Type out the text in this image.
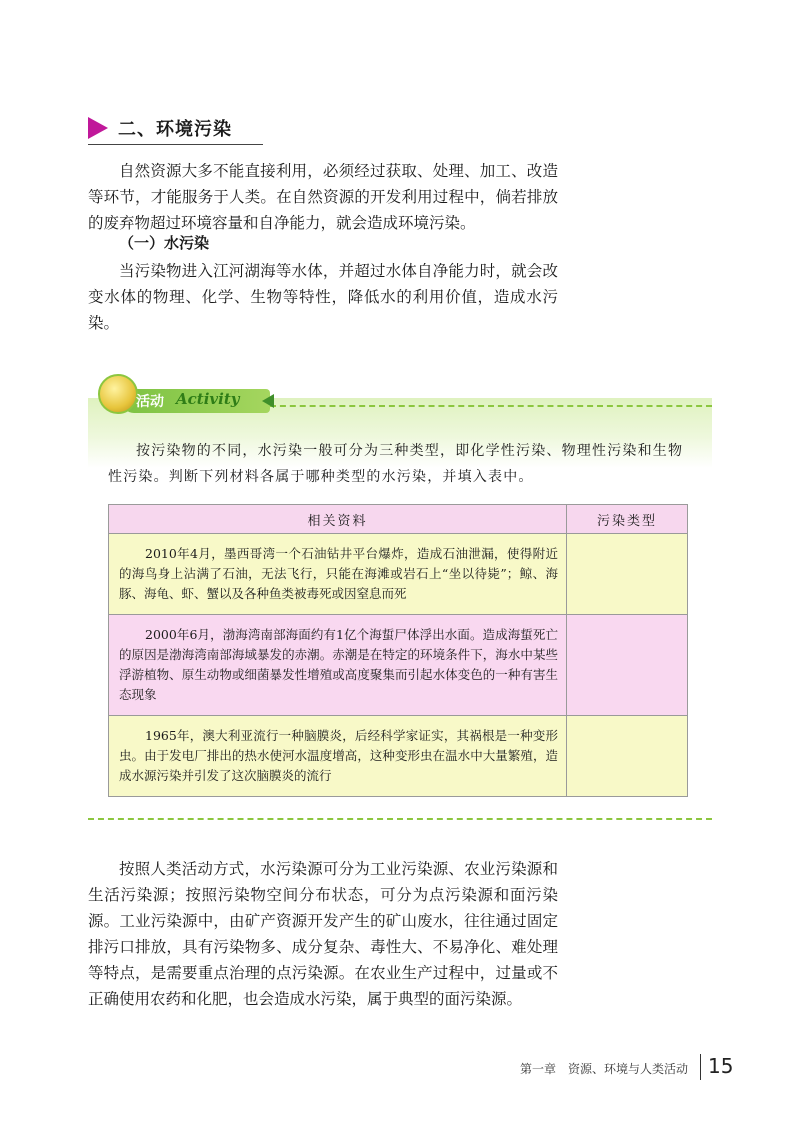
二、环境污染

自然资源大多不能直接利用，必须经过获取、处理、加工、改造等环节，才能服务于人类。在自然资源的开发利用过程中，倘若排放的废弃物超过环境容量和自净能力，就会造成环境污染。

（一）水污染

当污染物进入江河湖海等水体，并超过水体自净能力时，就会改变水体的物理、化学、生物等特性，降低水的利用价值，造成水污染。

活动 Activity

按污染物的不同，水污染一般可分为三种类型，即化学性污染、物理性污染和生物性污染。判断下列材料各属于哪种类型的水污染，并填入表中。

相关资料	污染类型
2010年4月，墨西哥湾一个石油钻井平台爆炸，造成石油泄漏，使得附近的海鸟身上沾满了石油，无法飞行，只能在海滩或岩石上“坐以待毙”；鲸、海豚、海龟、虾、蟹以及各种鱼类被毒死或因窒息而死	
2000年6月，渤海湾南部海面约有1亿个海蜇尸体浮出水面。造成海蜇死亡的原因是渤海湾南部海域暴发的赤潮。赤潮是在特定的环境条件下，海水中某些浮游植物、原生动物或细菌暴发性增殖或高度聚集而引起水体变色的一种有害生态现象	
1965年，澳大利亚流行一种脑膜炎，后经科学家证实，其祸根是一种变形虫。由于发电厂排出的热水使河水温度增高，这种变形虫在温水中大量繁殖，造成水源污染并引发了这次脑膜炎的流行	

按照人类活动方式，水污染源可分为工业污染源、农业污染源和生活污染源；按照污染物空间分布状态，可分为点污染源和面污染源。工业污染源中，由矿产资源开发产生的矿山废水，往往通过固定排污口排放，具有污染物多、成分复杂、毒性大、不易净化、难处理等特点，是需要重点治理的点污染源。在农业生产过程中，过量或不正确使用农药和化肥，也会造成水污染，属于典型的面污染源。

第一章　资源、环境与人类活动 15
